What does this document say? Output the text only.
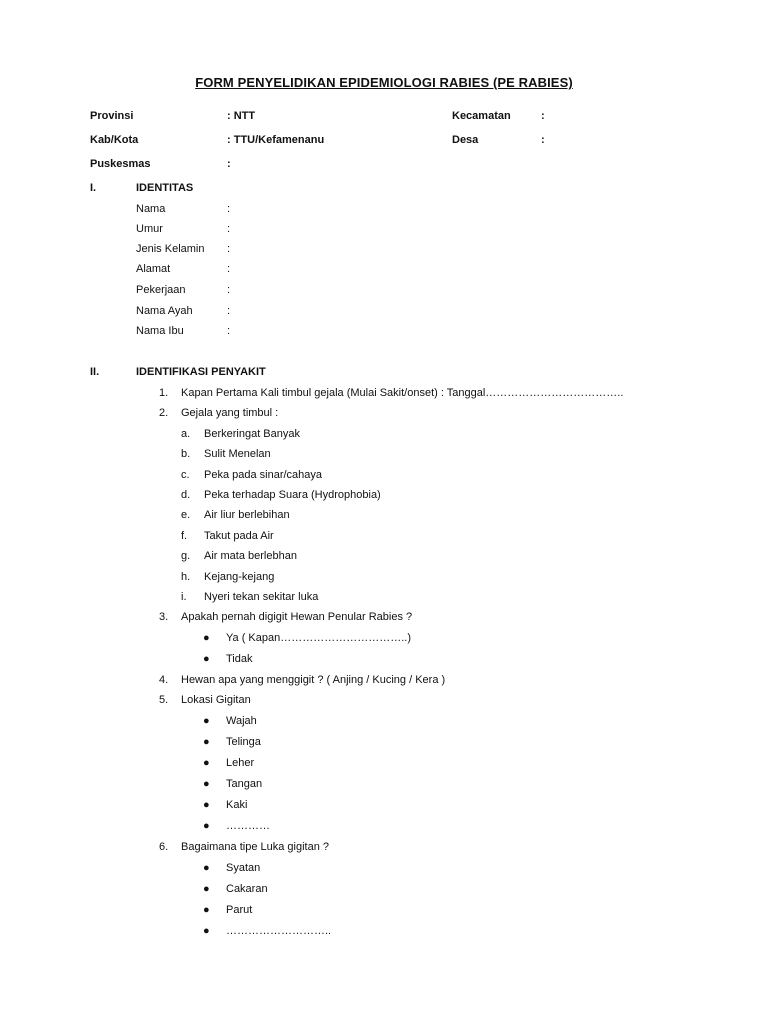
FORM PENYELIDIKAN EPIDEMIOLOGI RABIES (PE RABIES)
Provinsi	: NTT	Kecamatan	:
Kab/Kota	: TTU/Kefamenanu	Desa	:
Puskesmas	:
I.	IDENTITAS
Nama	:
Umur	:
Jenis Kelamin :
Alamat	:
Pekerjaan	:
Nama Ayah	:
Nama Ibu	:
II.	IDENTIFIKASI PENYAKIT
1. Kapan Pertama Kali timbul gejala (Mulai Sakit/onset) : Tanggal………………………………..
2. Gejala yang timbul :
a. Berkeringat Banyak
b. Sulit Menelan
c. Peka pada sinar/cahaya
d. Peka terhadap Suara (Hydrophobia)
e. Air liur berlebihan
f. Takut pada Air
g. Air mata berlebhan
h. Kejang-kejang
i. Nyeri tekan sekitar luka
3. Apakah pernah digigit Hewan Penular Rabies ?
● Ya ( Kapan……………………………..)
● Tidak
4. Hewan apa yang menggigit ? ( Anjing / Kucing / Kera )
5. Lokasi Gigitan
● Wajah
● Telinga
● Leher
● Tangan
● Kaki
● …………
6. Bagaimana tipe Luka gigitan ?
● Syatan
● Cakaran
● Parut
● ………………………..
